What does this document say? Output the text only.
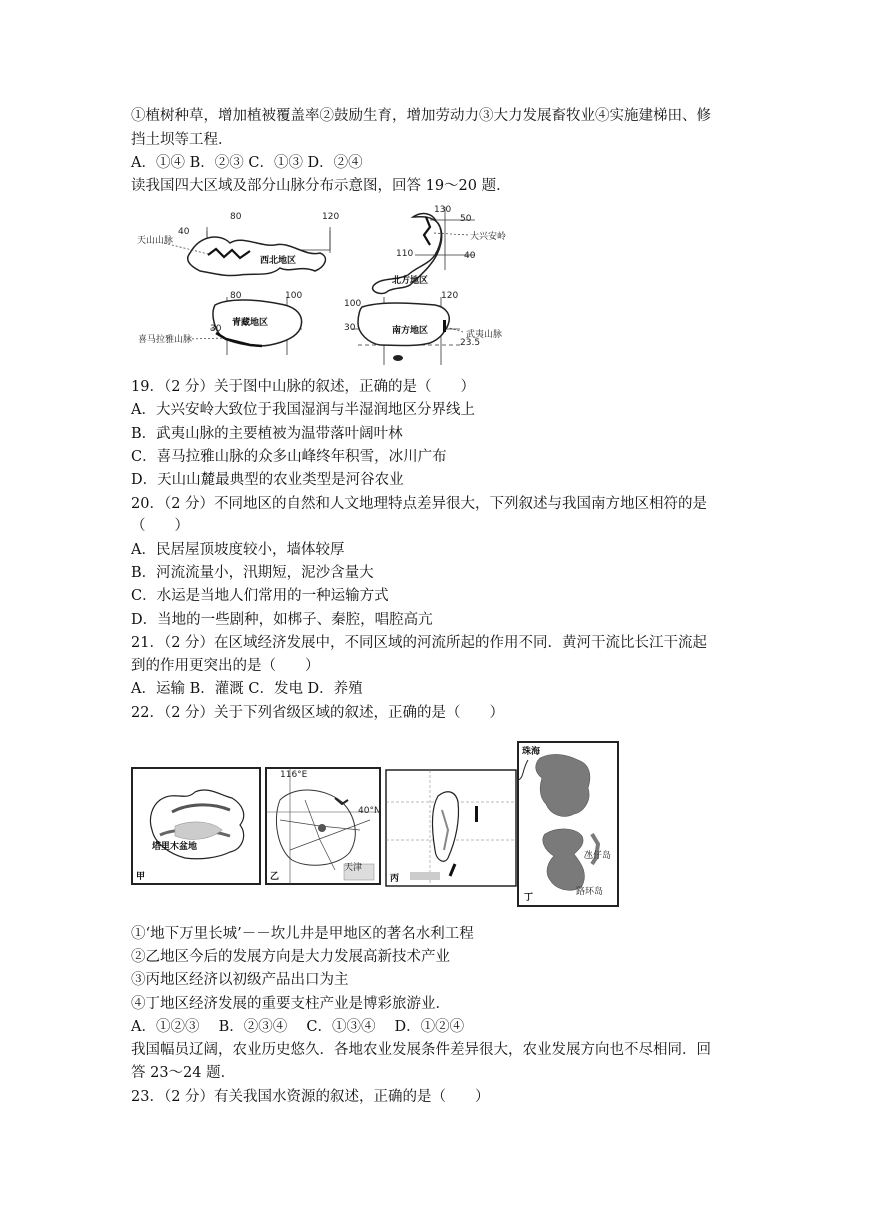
①植树种草，增加植被覆盖率②鼓励生育，增加劳动力③大力发展畜牧业④实施建梯田、修
挡土坝等工程．
A．①④ B．②③ C．①③ D．②④
读我国四大区域及部分山脉分布示意图，回答 19～20 题．
80	120
40
天山山脉
西北地区
130
50
大兴安岭
110	40
北方地区
80	100
青藏地区
30
喜马拉雅山脉
100
120
30	南方地区	武夷山脉
23.5
19．（2 分）关于图中山脉的叙述，正确的是（　　）
A．大兴安岭大致位于我国湿润与半湿润地区分界线上
B．武夷山脉的主要植被为温带落叶阔叶林
C．喜马拉雅山脉的众多山峰终年积雪，冰川广布
D．天山山麓最典型的农业类型是河谷农业
20．（2 分）不同地区的自然和人文地理特点差异很大，下列叙述与我国南方地区相符的是
（　　）
A．民居屋顶坡度较小，墙体较厚
B．河流流量小，汛期短，泥沙含量大
C．水运是当地人们常用的一种运输方式
D．当地的一些剧种，如梆子、秦腔，唱腔高亢
21．（2 分）在区域经济发展中，不同区域的河流所起的作用不同．黄河干流比长江干流起
到的作用更突出的是（　　）
A．运输 B．灌溉 C．发电 D．养殖
22．（2 分）关于下列省级区域的叙述，正确的是（　　）
塔里木盆地
甲
116°E
40°N
天津
乙	丙
珠海
氹仔岛
路环岛
丁
①‘地下万里长城’－－坎儿井是甲地区的著名水利工程
②乙地区今后的发展方向是大力发展高新技术产业
③丙地区经济以初级产品出口为主
④丁地区经济发展的重要支柱产业是博彩旅游业．
A．①②③　 B．②③④　 C．①③④　 D．①②④
我国幅员辽阔，农业历史悠久．各地农业发展条件差异很大，农业发展方向也不尽相同．回
答 23～24 题．
23．（2 分）有关我国水资源的叙述，正确的是（　　）
